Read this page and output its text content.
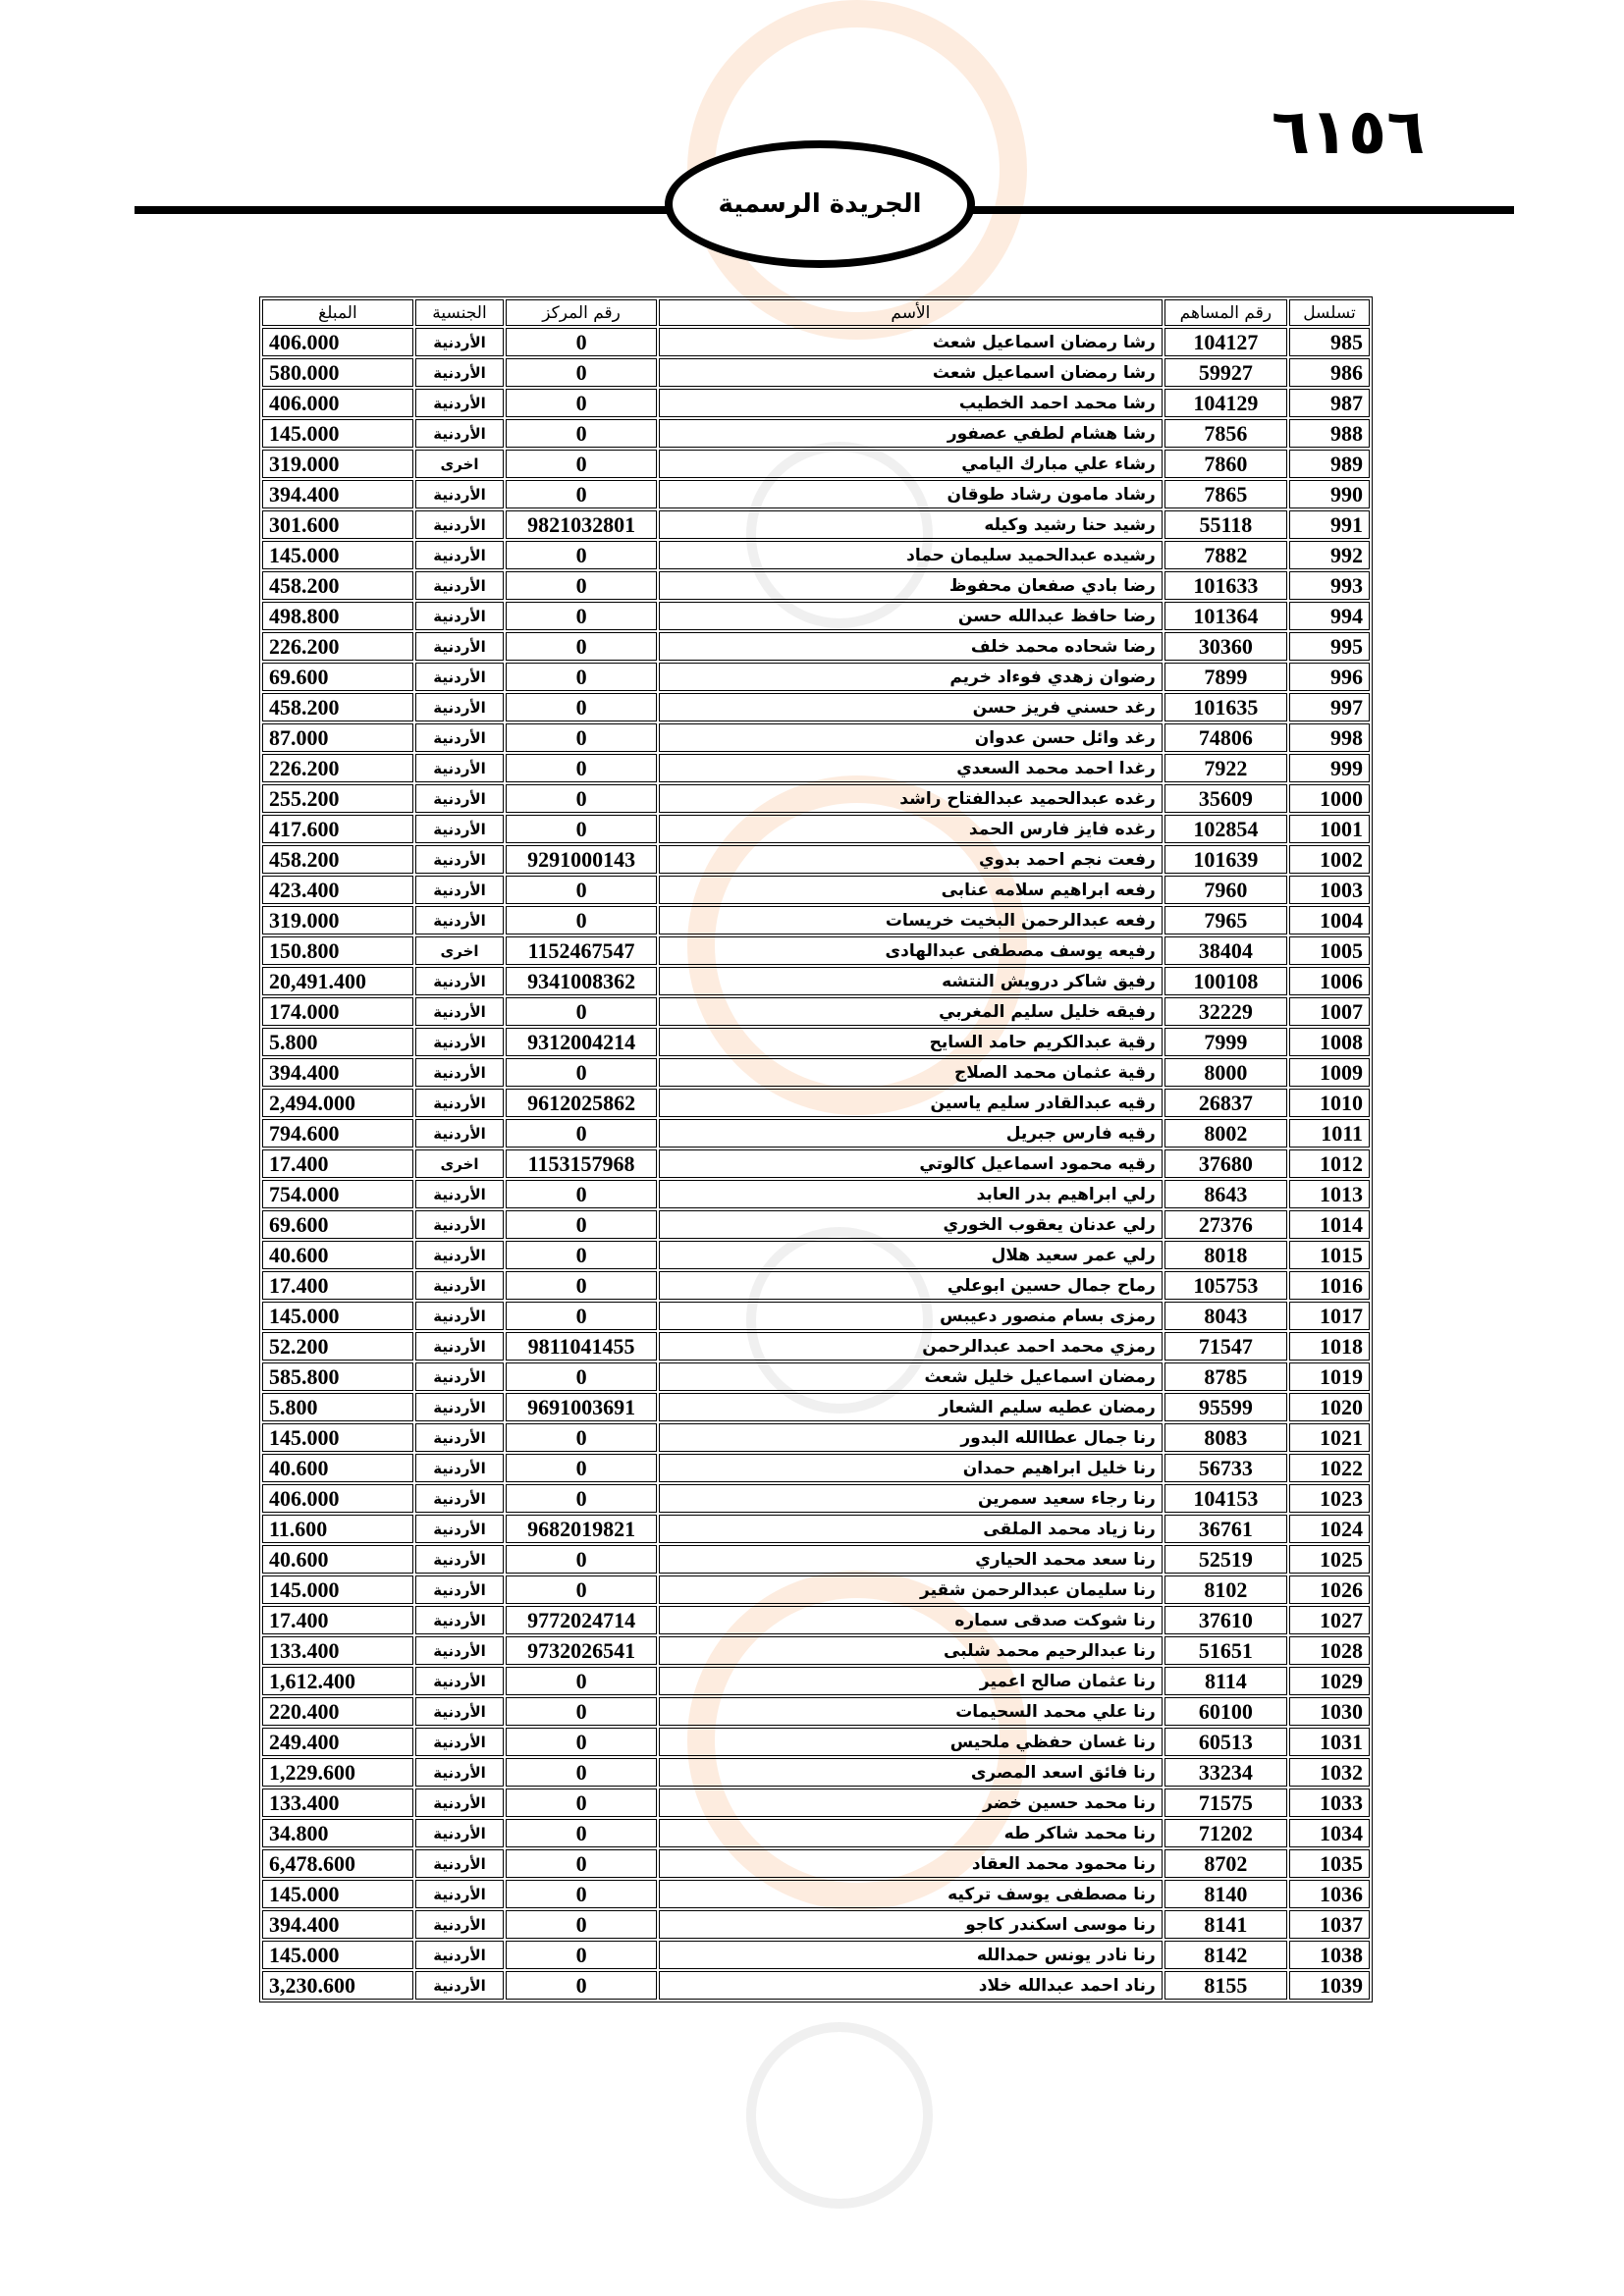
٦١٥٦
الجريدة الرسمية
تسلسل	رقم المساهم	الأسم	رقم المركز	الجنسية	المبلغ
985	104127	رشا رمضان اسماعيل شعث	0	الأردنية	406.000
986	59927	رشا رمضان اسماعيل شعث	0	الأردنية	580.000
987	104129	رشا محمد احمد الخطيب	0	الأردنية	406.000
988	7856	رشا هشام لطفي عصفور	0	الأردنية	145.000
989	7860	رشاء علي مبارك اليامي	0	اخرى	319.000
990	7865	رشاد مامون رشاد طوقان	0	الأردنية	394.400
991	55118	رشيد حنا رشيد وكيله	9821032801	الأردنية	301.600
992	7882	رشيده عبدالحميد سليمان حماد	0	الأردنية	145.000
993	101633	رضا بادي صفعان محفوظ	0	الأردنية	458.200
994	101364	رضا حافظ عبدالله حسن	0	الأردنية	498.800
995	30360	رضا شحاده محمد خلف	0	الأردنية	226.200
996	7899	رضوان زهدي فوءاد خريم	0	الأردنية	69.600
997	101635	رغد حسني فريز حسن	0	الأردنية	458.200
998	74806	رغد وائل حسن عدوان	0	الأردنية	87.000
999	7922	رغدا احمد محمد السعدي	0	الأردنية	226.200
1000	35609	رغده عبدالحميد عبدالفتاح راشد	0	الأردنية	255.200
1001	102854	رغده فايز فارس الحمد	0	الأردنية	417.600
1002	101639	رفعت نجم احمد بدوي	9291000143	الأردنية	458.200
1003	7960	رفعه ابراهيم سلامه عنابى	0	الأردنية	423.400
1004	7965	رفعه عبدالرحمن البخيت خريسات	0	الأردنية	319.000
1005	38404	رفيعه يوسف مصطفى عبدالهادى	1152467547	اخرى	150.800
1006	100108	رفيق شاكر درويش النتشه	9341008362	الأردنية	20,491.400
1007	32229	رفيقه خليل سليم المغربي	0	الأردنية	174.000
1008	7999	رقية عبدالكريم حامد السايح	9312004214	الأردنية	5.800
1009	8000	رقية عثمان محمد الصلاج	0	الأردنية	394.400
1010	26837	رقيه عبدالقادر سليم ياسين	9612025862	الأردنية	2,494.000
1011	8002	رقيه فارس جبريل	0	الأردنية	794.600
1012	37680	رقيه محمود اسماعيل كالوتي	1153157968	اخرى	17.400
1013	8643	رلي ابراهيم بدر العابد	0	الأردنية	754.000
1014	27376	رلي عدنان يعقوب الخوري	0	الأردنية	69.600
1015	8018	رلي عمر سعيد هلال	0	الأردنية	40.600
1016	105753	رماح جمال حسين ابوعلي	0	الأردنية	17.400
1017	8043	رمزى بسام منصور دعيبس	0	الأردنية	145.000
1018	71547	رمزي محمد احمد عبدالرحمن	9811041455	الأردنية	52.200
1019	8785	رمضان اسماعيل خليل شعث	0	الأردنية	585.800
1020	95599	رمضان عطيه سليم الشعار	9691003691	الأردنية	5.800
1021	8083	رنا جمال عطاالله البدور	0	الأردنية	145.000
1022	56733	رنا خليل ابراهيم حمدان	0	الأردنية	40.600
1023	104153	رنا رجاء سعيد سمرين	0	الأردنية	406.000
1024	36761	رنا زياد محمد الملقى	9682019821	الأردنية	11.600
1025	52519	رنا سعد محمد الحياري	0	الأردنية	40.600
1026	8102	رنا سليمان عبدالرحمن شقير	0	الأردنية	145.000
1027	37610	رنا شوكت صدقى سماره	9772024714	الأردنية	17.400
1028	51651	رنا عبدالرحيم محمد شلبى	9732026541	الأردنية	133.400
1029	8114	رنا عثمان صالح اعمير	0	الأردنية	1,612.400
1030	60100	رنا علي محمد السحيمات	0	الأردنية	220.400
1031	60513	رنا غسان حفظي ملحيس	0	الأردنية	249.400
1032	33234	رنا فائق اسعد المصرى	0	الأردنية	1,229.600
1033	71575	رنا محمد حسين خضر	0	الأردنية	133.400
1034	71202	رنا محمد شاكر طه	0	الأردنية	34.800
1035	8702	رنا محمود محمد العقاد	0	الأردنية	6,478.600
1036	8140	رنا مصطفى يوسف تركيه	0	الأردنية	145.000
1037	8141	رنا موسى اسكندر كاجو	0	الأردنية	394.400
1038	8142	رنا نادر يونس حمدالله	0	الأردنية	145.000
1039	8155	رناد احمد عبدالله خلاد	0	الأردنية	3,230.600
